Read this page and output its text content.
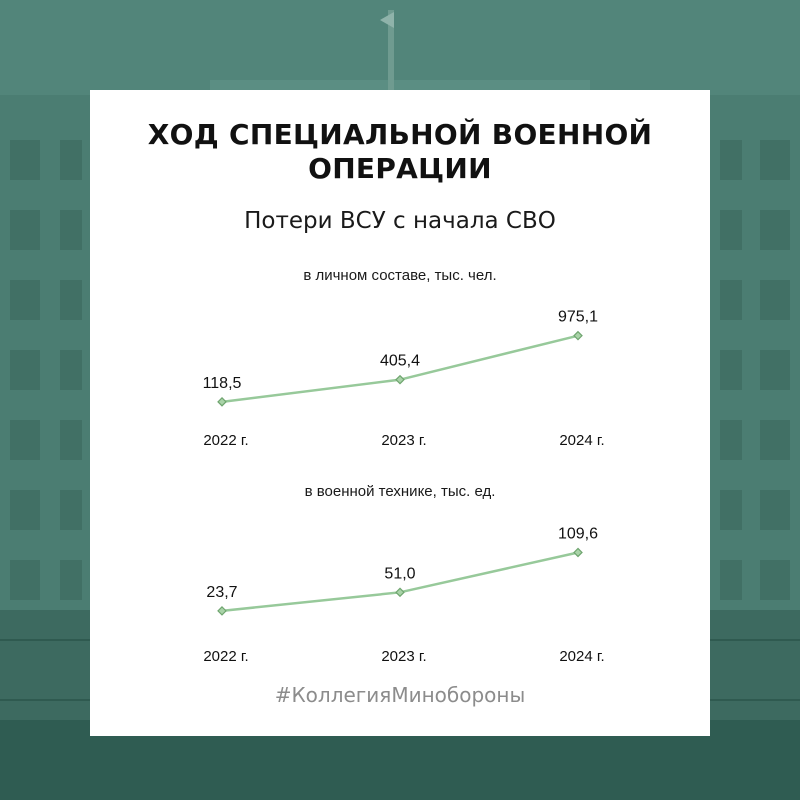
ХОД СПЕЦИАЛЬНОЙ ВОЕННОЙ
ОПЕРАЦИИ
Потери ВСУ с начала СВО
в личном составе, тыс. чел.
118,5
2022 г.
405,4
2023 г.
975,1
2024 г.
в военной технике, тыс. ед.
23,7
2022 г.
51,0
2023 г.
109,6
2024 г.
#КоллегияМинобороны
